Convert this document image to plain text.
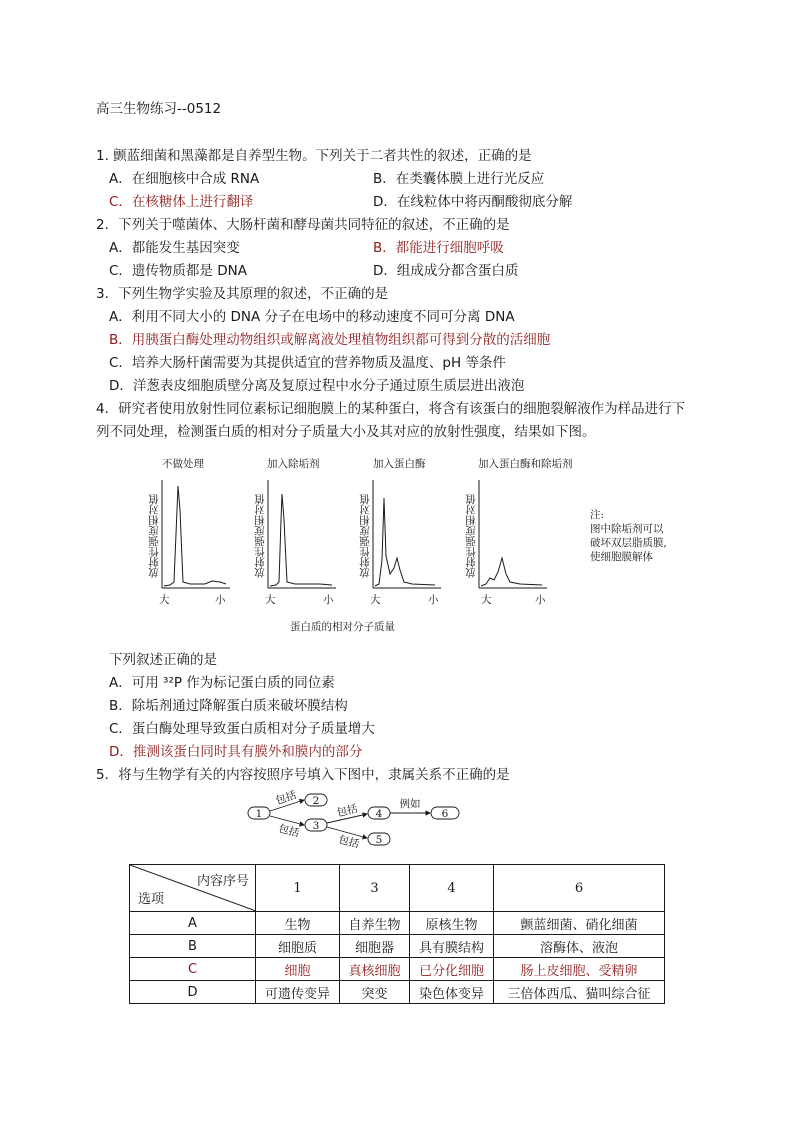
高三生物练习--0512
1. 颤蓝细菌和黑藻都是自养型生物。下列关于二者共性的叙述，正确的是
A．在细胞核中合成 RNA	B．在类囊体膜上进行光反应
C．在核糖体上进行翻译	D．在线粒体中将丙酮酸彻底分解
2．下列关于噬菌体、大肠杆菌和酵母菌共同特征的叙述，不正确的是
A．都能发生基因突变	B．都能进行细胞呼吸
C．遗传物质都是 DNA	D．组成成分都含蛋白质
3．下列生物学实验及其原理的叙述，不正确的是
A．利用不同大小的 DNA 分子在电场中的移动速度不同可分离 DNA
B．用胰蛋白酶处理动物组织或解离液处理植物组织都可得到分散的活细胞
C．培养大肠杆菌需要为其提供适宜的营养物质及温度、pH 等条件
D．洋葱表皮细胞质壁分离及复原过程中水分子通过原生质层进出液泡
4．研究者使用放射性同位素标记细胞膜上的某种蛋白，将含有该蛋白的细胞裂解液作为样品进行下
列不同处理，检测蛋白质的相对分子质量大小及其对应的放射性强度，结果如下图。
不做处理	加入除垢剂	加入蛋白酶	加入蛋白酶和除垢剂
放射性强度相对值	放射性强度相对值	放射性强度相对值	放射性强度相对值
大	小	大	小	大	小	大	小
蛋白质的相对分子质量
注:
图中除垢剂可以
破坏双层脂质膜,
使细胞膜解体
下列叙述正确的是
A．可用 ³²P 作为标记蛋白质的同位素
B．除垢剂通过降解蛋白质来破坏膜结构
C．蛋白酶处理导致蛋白质相对分子质量增大
D．推测该蛋白同时具有膜外和膜内的部分
5．将与生物学有关的内容按照序号填入下图中，隶属关系不正确的是
1
2
3
4
5
6
包括
包括
包括
包括
例如
内容序号
选项	1	3	4	6
A	生物	自养生物	原核生物	颤蓝细菌、硝化细菌
B	细胞质	细胞器	具有膜结构	溶酶体、液泡
C	细胞	真核细胞	已分化细胞	肠上皮细胞、受精卵
D	可遗传变异	突变	染色体变异	三倍体西瓜、猫叫综合征
